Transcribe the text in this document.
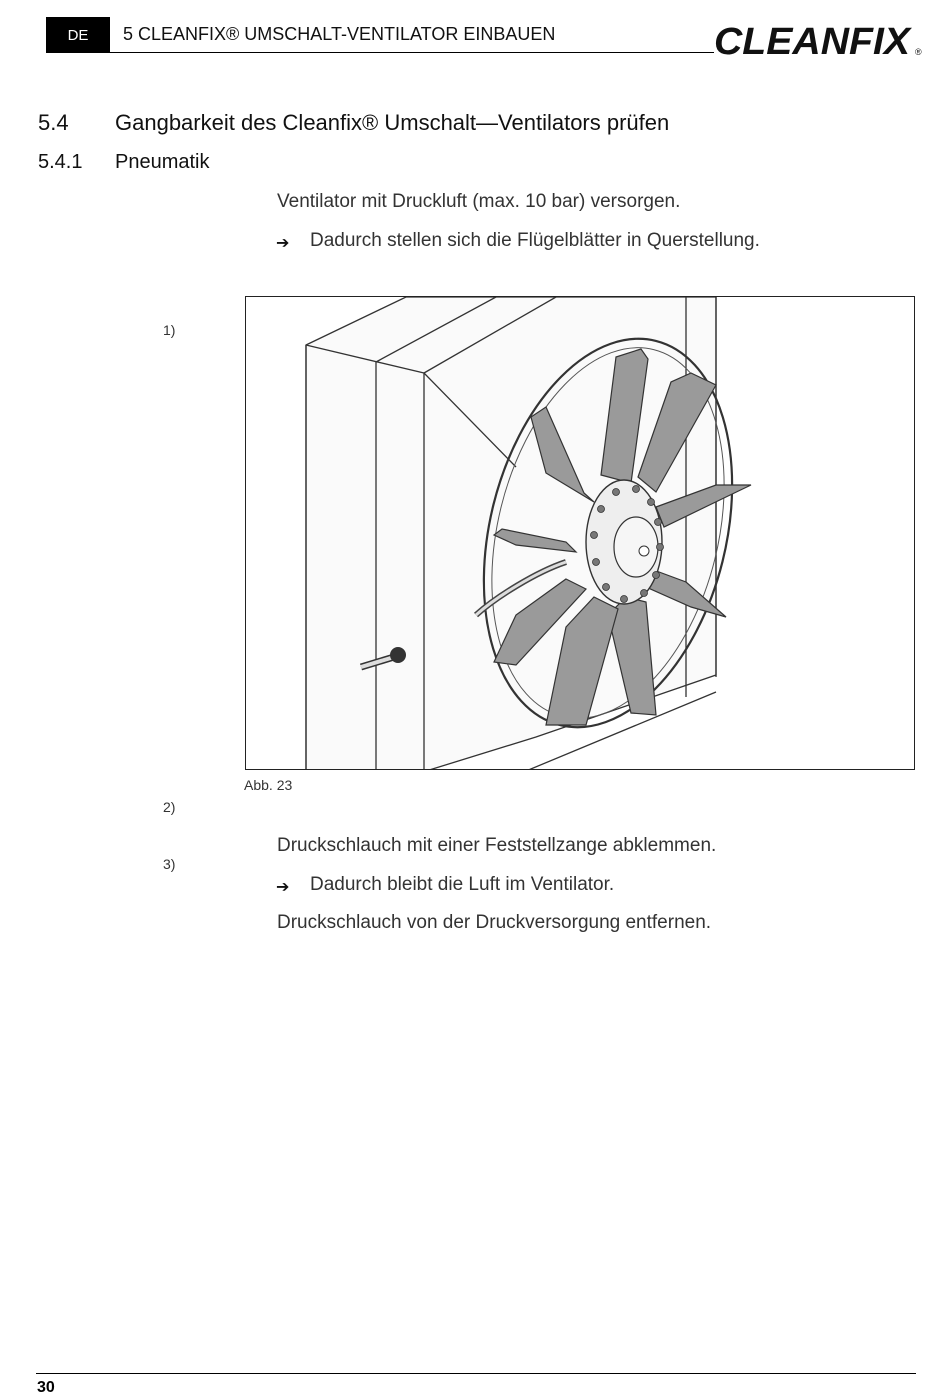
DE	5 CLEANFIX® UMSCHALT-VENTILATOR EINBAUEN	CLEANFIX ®
5.4 Gangbarkeit des Cleanfix® Umschalt—Ventilators prüfen
5.4.1 Pneumatik
Ventilator mit Druckluft (max. 10 bar) versorgen.
➔ Dadurch stellen sich die Flügelblätter in Querstellung.
1)
Abb. 23
2)
Druckschlauch mit einer Feststellzange abklemmen.
➔ Dadurch bleibt die Luft im Ventilator.
3)
Druckschlauch von der Druckversorgung entfernen.
30
